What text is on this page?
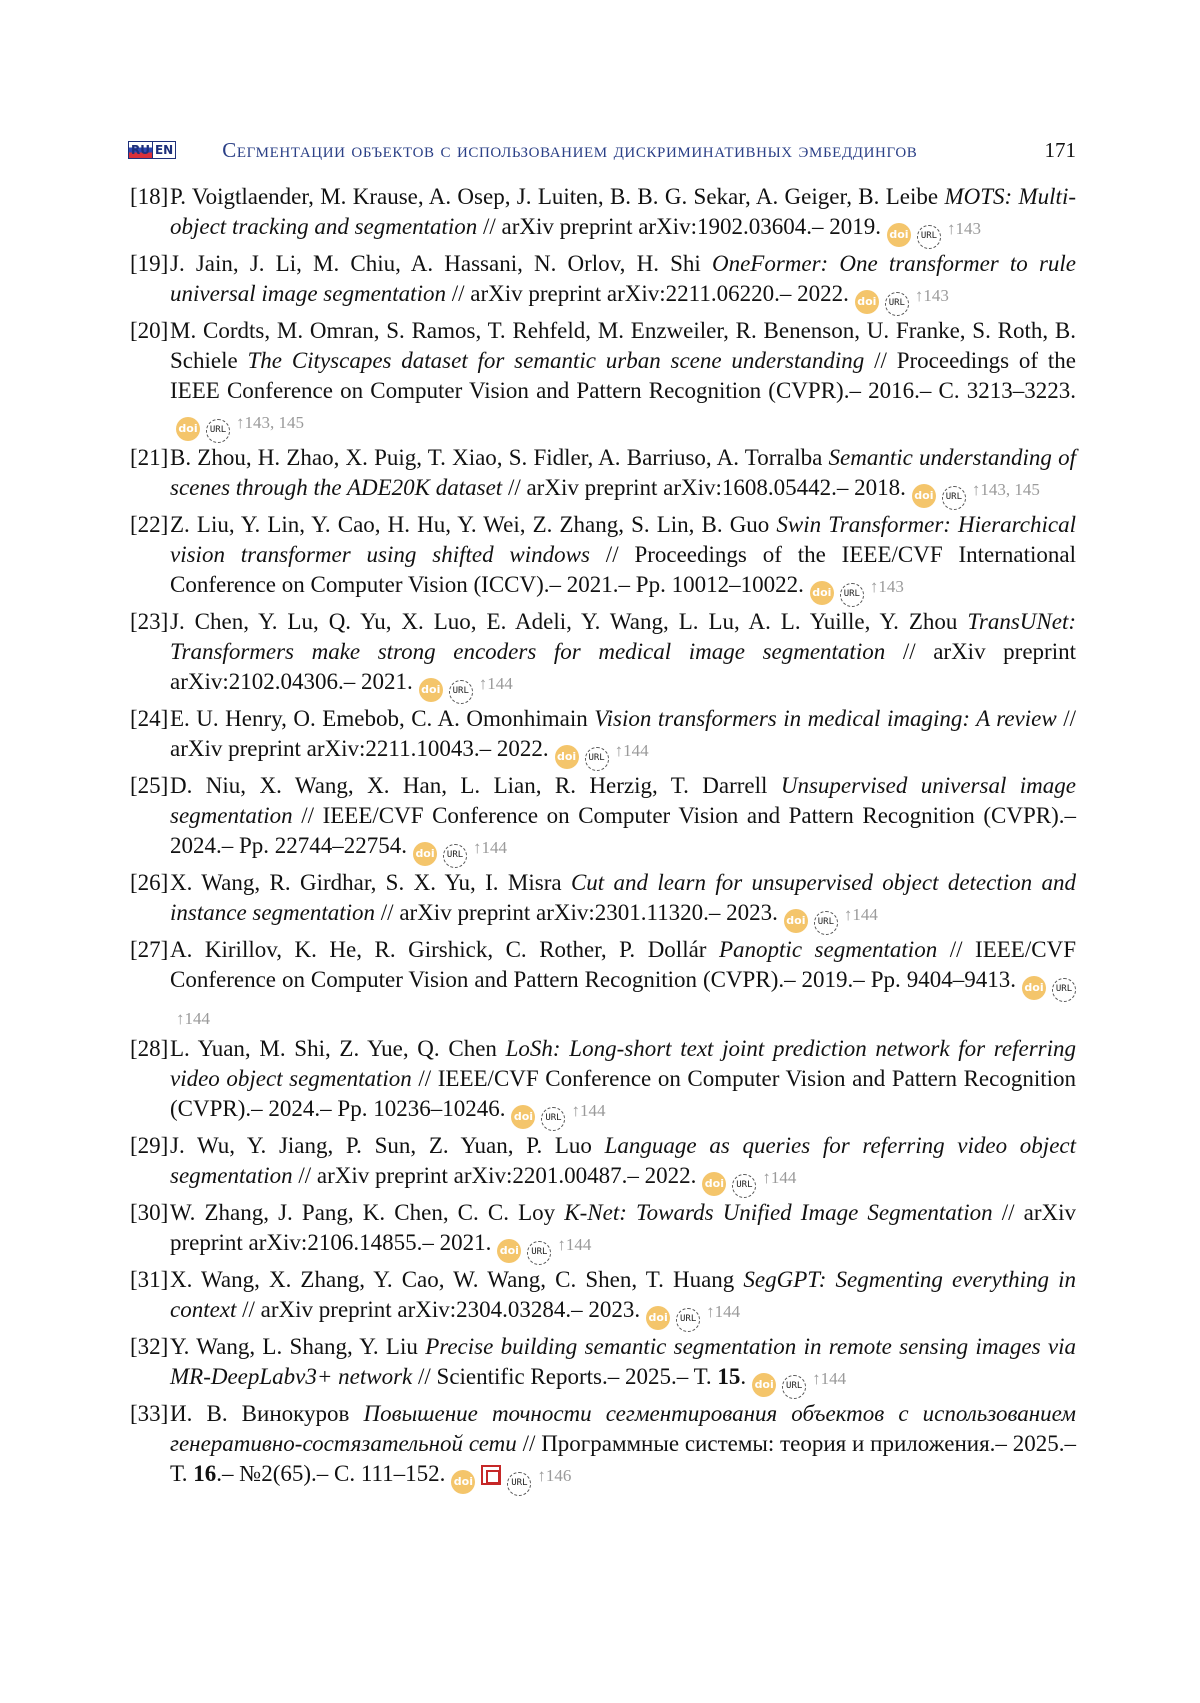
RU EN Сегментации объектов с использованием дискриминативных эмбеддингов	171
[18] P. Voigtlaender, M. Krause, A. Osep, J. Luiten, B. B. G. Sekar, A. Geiger, B. Leibe MOTS: Multi-object tracking and segmentation // arXiv preprint arXiv:1902.03604.– 2019. doi URL ↑143
[19] J. Jain, J. Li, M. Chiu, A. Hassani, N. Orlov, H. Shi OneFormer: One transformer to rule universal image segmentation // arXiv preprint arXiv:2211.06220.– 2022. doi URL ↑143
[20] M. Cordts, M. Omran, S. Ramos, T. Rehfeld, M. Enzweiler, R. Benenson, U. Franke, S. Roth, B. Schiele The Cityscapes dataset for semantic urban scene understanding // Proceedings of the IEEE Conference on Computer Vision and Pattern Recognition (CVPR).– 2016.– C. 3213–3223.doi URL ↑143, 145
[21] B. Zhou, H. Zhao, X. Puig, T. Xiao, S. Fidler, A. Barriuso, A. Torralba Semantic understanding of scenes through the ADE20K dataset // arXiv preprint arXiv:1608.05442.– 2018. doi URL ↑143, 145
[22] Z. Liu, Y. Lin, Y. Cao, H. Hu, Y. Wei, Z. Zhang, S. Lin, B. Guo Swin Transformer: Hierarchical vision transformer using shifted windows // Proceedings of the IEEE/CVF International Conference on Computer Vision (ICCV).– 2021.– Pp. 10012–10022. doi URL ↑143
[23] J. Chen, Y. Lu, Q. Yu, X. Luo, E. Adeli, Y. Wang, L. Lu, A. L. Yuille, Y. Zhou TransUNet: Transformers make strong encoders for medical image segmentation // arXiv preprint arXiv:2102.04306.– 2021. doi URL ↑144
[24] E. U. Henry, O. Emebob, C. A. Omonhimain Vision transformers in medical imaging: A review // arXiv preprint arXiv:2211.10043.– 2022. doi URL ↑144
[25] D. Niu, X. Wang, X. Han, L. Lian, R. Herzig, T. Darrell Unsupervised universal image segmentation // IEEE/CVF Conference on Computer Vision and Pattern Recognition (CVPR).– 2024.– Pp. 22744–22754. doi URL ↑144
[26] X. Wang, R. Girdhar, S. X. Yu, I. Misra Cut and learn for unsupervised object detection and instance segmentation // arXiv preprint arXiv:2301.11320.– 2023. doi URL ↑144
[27] A. Kirillov, K. He, R. Girshick, C. Rother, P. Dollár Panoptic segmentation // IEEE/CVF Conference on Computer Vision and Pattern Recognition (CVPR).– 2019.– Pp. 9404–9413. doi URL↑144
[28] L. Yuan, M. Shi, Z. Yue, Q. Chen LoSh: Long-short text joint prediction network for referring video object segmentation // IEEE/CVF Conference on Computer Vision and Pattern Recognition (CVPR).– 2024.– Pp. 10236–10246. doi URL ↑144
[29] J. Wu, Y. Jiang, P. Sun, Z. Yuan, P. Luo Language as queries for referring video object segmentation // arXiv preprint arXiv:2201.00487.– 2022. doi URL ↑144
[30] W. Zhang, J. Pang, K. Chen, C. C. Loy K-Net: Towards Unified Image Segmentation // arXiv preprint arXiv:2106.14855.– 2021. doi URL ↑144
[31] X. Wang, X. Zhang, Y. Cao, W. Wang, C. Shen, T. Huang SegGPT: Segmenting everything in context // arXiv preprint arXiv:2304.03284.– 2023. doi URL ↑144
[32] Y. Wang, L. Shang, Y. Liu Precise building semantic segmentation in remote sensing images via MR-DeepLabv3+ network // Scientific Reports.– 2025.– T. 15. doi URL ↑144
[33] И. В. Винокуров Повышение точности сегментирования объектов с использованием генеративно-состязательной сети // Программные системы: теория и приложения.– 2025.– Т. 16.– №2(65).– С. 111–152. doi	URL ↑146
